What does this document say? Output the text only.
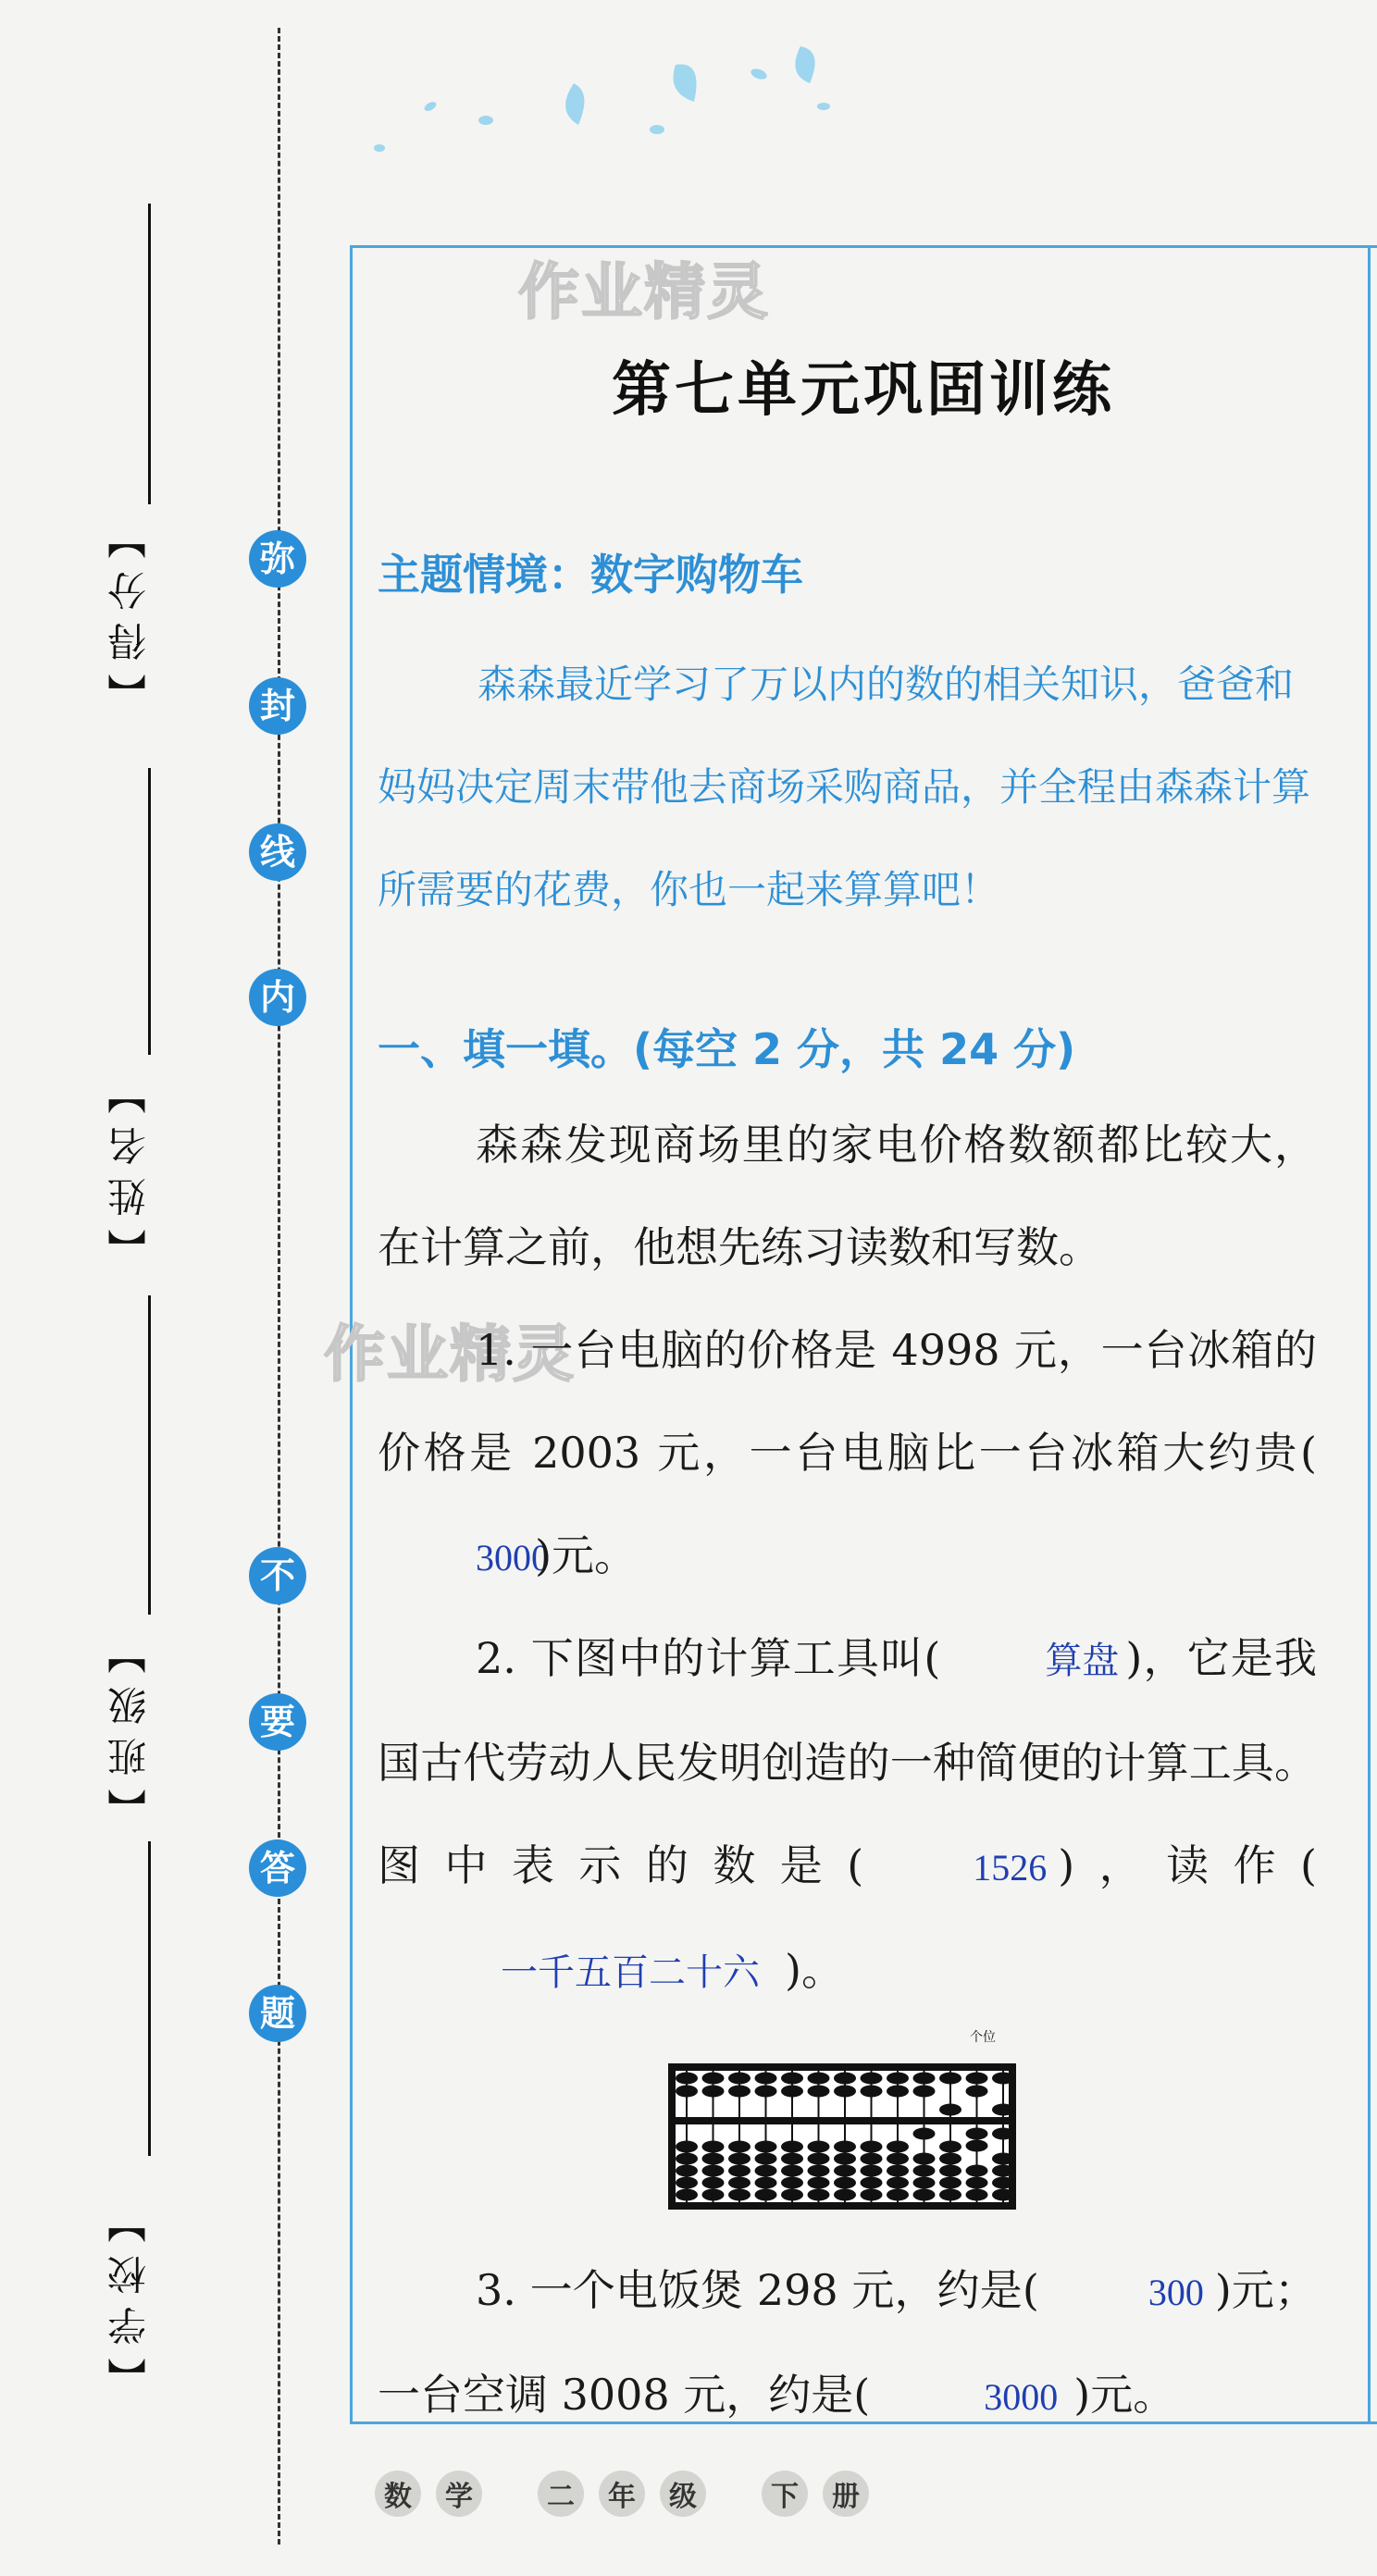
弥
封
线
内
不
要
答
题
【 得 分 】
【 姓 名 】
【 班 级 】
【 学 校 】
作业精灵
作业精灵
第七单元巩固训练
主题情境：数字购物车
森森最近学习了万以内的数的相关知识，爸爸和妈妈决定周末带他去商场采购商品，并全程由森森计算所需要的花费，你也一起来算算吧！
一、填一填。(每空 2 分，共 24 分)
森森发现商场里的家电价格数额都比较大，在计算之前，他想先练习读数和写数。
1. 一台电脑的价格是 4998 元，一台冰箱的价格是 2003 元，一台电脑比一台冰箱大约贵(3000)元。
2. 下图中的计算工具叫(	算盘 )，它是我国古代劳动人民发明创造的一种简便的计算工具。图中表示的数是(	1526 )，读作(一千五百二十六 )。
个位
3. 一个电饭煲 298 元，约是(	300 )元；一台空调 3008 元，约是(	3000 )元。
数	学	二	年	级	下	册
